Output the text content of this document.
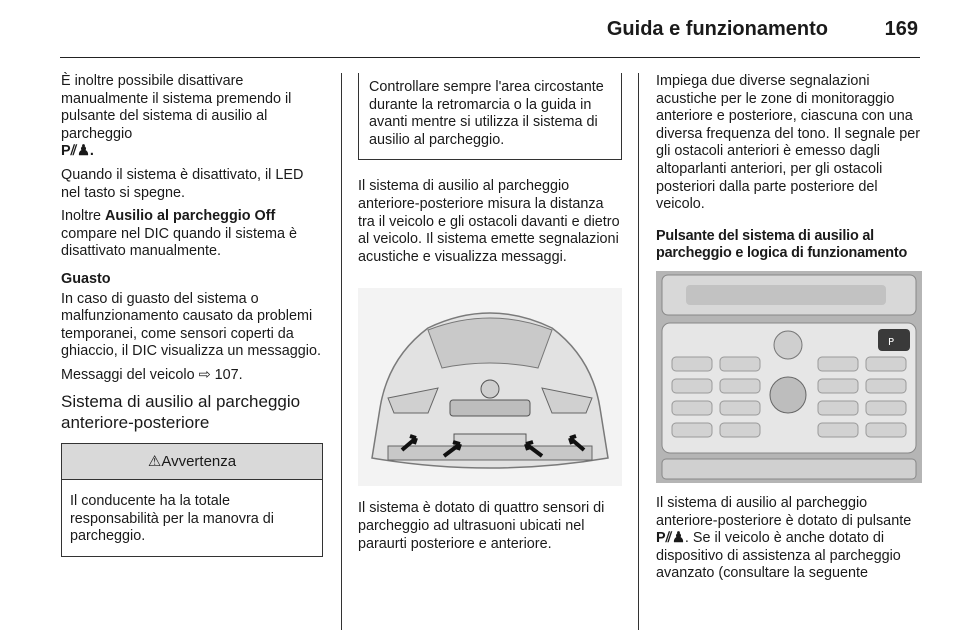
Guida e funzionamento	169

È inoltre possibile disattivare manualmente il sistema premendo il pulsante del sistema di ausilio al parcheggio
P⫽♟.

Quando il sistema è disattivato, il LED nel tasto si spegne.

Inoltre Ausilio al parcheggio Off compare nel DIC quando il sistema è disattivato manualmente.

Guasto

In caso di guasto del sistema o malfunzionamento causato da problemi temporanei, come sensori coperti da ghiaccio, il DIC visualizza un messaggio.

Messaggi del veicolo ⇨ 107.

Sistema di ausilio al parcheggio anteriore-posteriore
⚠Avvertenza
Il conducente ha la totale responsabilità per la manovra di parcheggio.
Controllare sempre l'area circostante durante la retromarcia o la guida in avanti mentre si utilizza il sistema di ausilio al parcheggio.

Il sistema di ausilio al parcheggio anteriore-posteriore misura la distanza tra il veicolo e gli ostacoli davanti e dietro al veicolo. Il sistema emette segnalazioni acustiche e visualizza messaggi.

Il sistema è dotato di quattro sensori di parcheggio ad ultrasuoni ubicati nel paraurti posteriore e anteriore.

Impiega due diverse segnalazioni acustiche per le zone di monitoraggio anteriore e posteriore, ciascuna con una diversa frequenza del tono. Il segnale per gli ostacoli anteriori è emesso dagli altoparlanti anteriori, per gli ostacoli posteriori dalla parte posteriore del veicolo.

Pulsante del sistema di ausilio al parcheggio e logica di funzionamento

P

Il sistema di ausilio al parcheggio anteriore-posteriore è dotato di pulsante
P⫽♟. Se il veicolo è anche dotato di dispositivo di assistenza al parcheggio avanzato (consultare la seguente
